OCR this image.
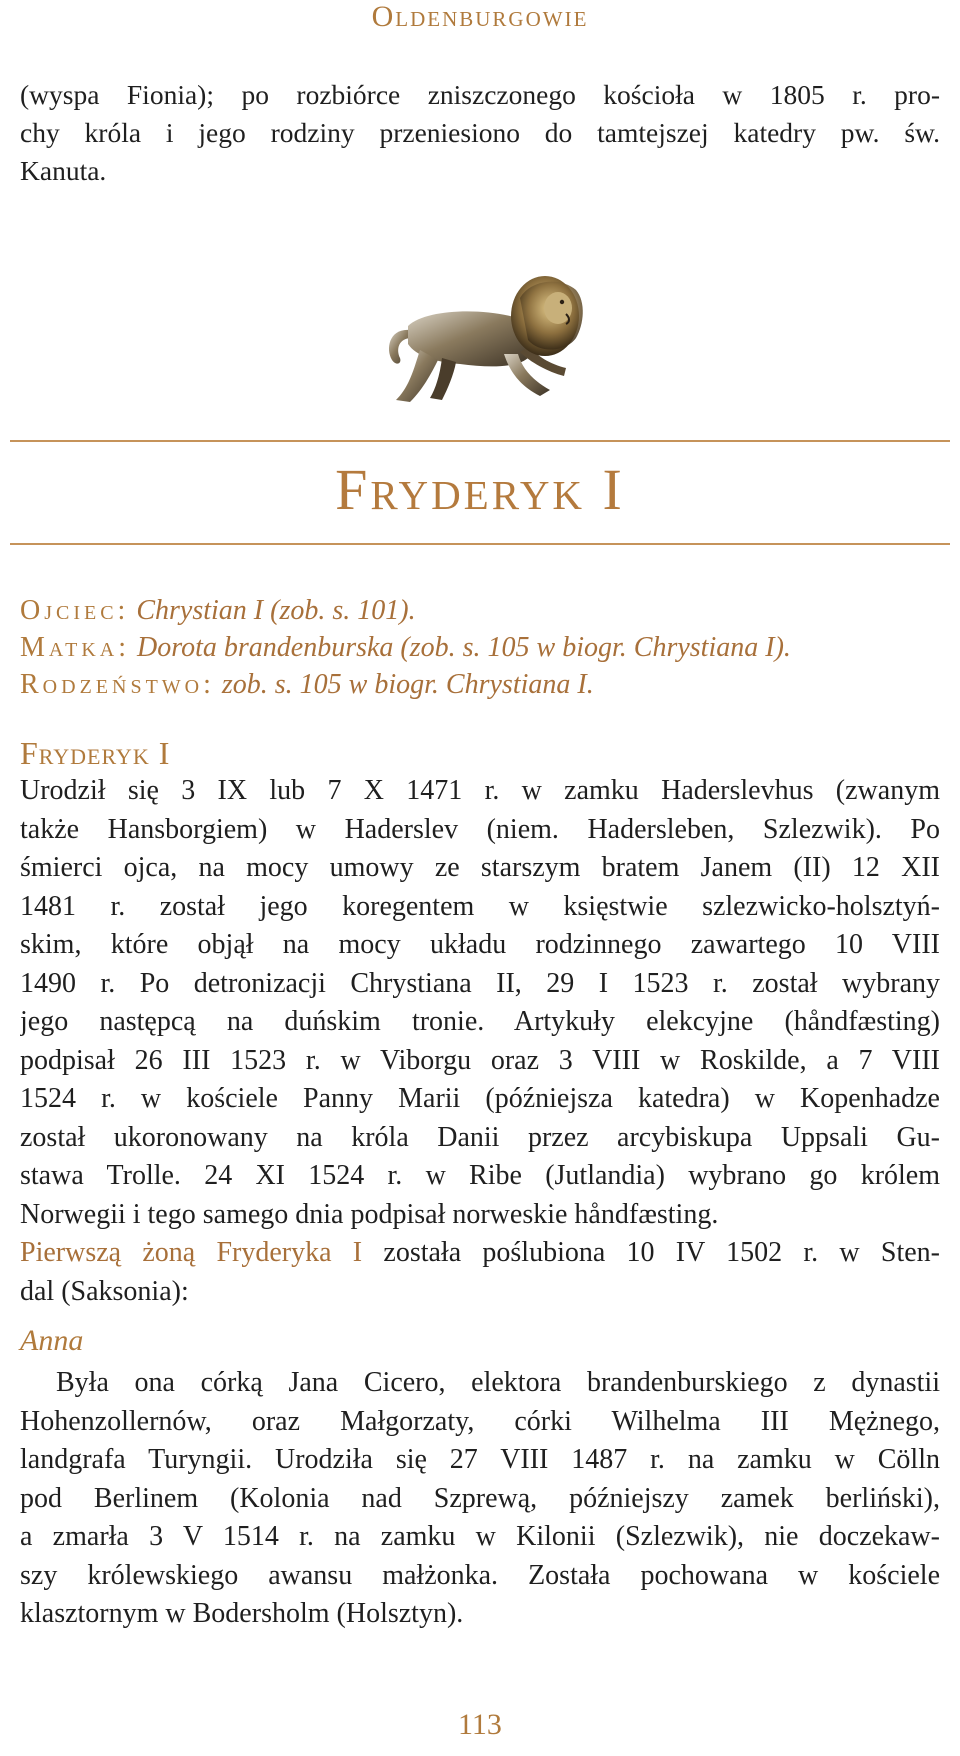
Oldenburgowie
(wyspa Fionia); po rozbiórce zniszczonego kościoła w 1805 r. pro-
chy króla i jego rodziny przeniesiono do tamtejszej katedry pw. św.
Kanuta.
Fryderyk I
Ojciec: Chrystian I (zob. s. 101).
Matka: Dorota brandenburska (zob. s. 105 w biogr. Chrystiana I).
Rodzeństwo: zob. s. 105 w biogr. Chrystiana I.
Fryderyk I
Urodził się 3 IX lub 7 X 1471 r. w zamku Haderslevhus (zwanym
także Hansborgiem) w Haderslev (niem. Hadersleben, Szlezwik). Po
śmierci ojca, na mocy umowy ze starszym bratem Janem (II) 12 XII
1481 r. został jego koregentem w księstwie szlezwicko-holsztyń-
skim, które objął na mocy układu rodzinnego zawartego 10 VIII
1490 r. Po detronizacji Chrystiana II, 29 I 1523 r. został wybrany
jego następcą na duńskim tronie. Artykuły elekcyjne (håndfæsting)
podpisał 26 III 1523 r. w Viborgu oraz 3 VIII w Roskilde, a 7 VIII
1524 r. w kościele Panny Marii (późniejsza katedra) w Kopenhadze
został ukoronowany na króla Danii przez arcybiskupa Uppsali Gu-
stawa Trolle. 24 XI 1524 r. w Ribe (Jutlandia) wybrano go królem
Norwegii i tego samego dnia podpisał norweskie håndfæsting.
Pierwszą żoną Fryderyka I została poślubiona 10 IV 1502 r. w Sten-
dal (Saksonia):
Anna
Była ona córką Jana Cicero, elektora brandenburskiego z dynastii
Hohenzollernów, oraz Małgorzaty, córki Wilhelma III Mężnego,
landgrafa Turyngii. Urodziła się 27 VIII 1487 r. na zamku w Cölln
pod Berlinem (Kolonia nad Szprewą, późniejszy zamek berliński),
a zmarła 3 V 1514 r. na zamku w Kilonii (Szlezwik), nie doczekaw-
szy królewskiego awansu małżonka. Została pochowana w kościele
klasztornym w Bodersholm (Holsztyn).
113
